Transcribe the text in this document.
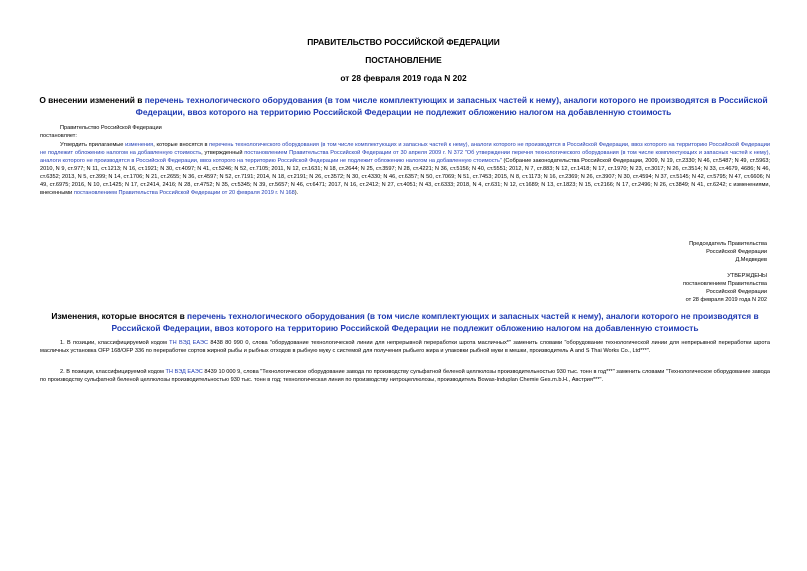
ПРАВИТЕЛЬСТВО РОССИЙСКОЙ ФЕДЕРАЦИИ
ПОСТАНОВЛЕНИЕ
от 28 февраля 2019 года N 202
О внесении изменений в перечень технологического оборудования (в том числе комплектующих и запасных частей к нему), аналоги которого не производятся в Российской Федерации, ввоз которого на территорию Российской Федерации не подлежит обложению налогом на добавленную стоимость
Правительство Российской Федерации
постановляет:
Утвердить прилагаемые изменения, которые вносятся в перечень технологического оборудования (в том числе комплектующих и запасных частей к нему), аналоги которого не производятся в Российской Федерации, ввоз которого на территорию Российской Федерации не подлежит обложению налогом на добавленную стоимость, утвержденный постановлением Правительства Российской Федерации от 30 апреля 2009 г. N 372 "Об утверждении перечня технологического оборудования (в том числе комплектующих и запасных частей к нему), аналоги которого не производятся в Российской Федерации, ввоз которого на территорию Российской Федерации не подлежит обложению налогом на добавленную стоимость" (Собрание законодательства Российской Федерации, 2009, N 19, ст.2330; N 46, ст.5487; N 49, ст.5963; 2010, N 9, ст.977; N 11, ст.1213; N 16, ст.1921; N 30, ст.4097; N 41, ст.5246; N 52, ст.7105; 2011, N 12, ст.1631; N 18, ст.2644; N 25, ст.3597; N 28, ст.4221; N 36, ст.5156; N 40, ст.5551; 2012, N 7, ст.883; N 12, ст.1418; N 17, ст.1970; N 23, ст.3017; N 26, ст.3514; N 33, ст.4679, 4686; N 46, ст.6352; 2013, N 5, ст.399; N 14, ст.1706; N 21, ст.2655; N 36, ст.4597; N 52, ст.7191; 2014, N 18, ст.2191; N 26, ст.3572; N 30, ст.4330; N 46, ст.6357; N 50, ст.7069; N 51, ст.7453; 2015, N 8, ст.1173; N 16, ст.2369; N 26, ст.3907; N 30, ст.4594; N 37, ст.5145; N 42, ст.5795; N 47, ст.6606; N 49, ст.6975; 2016, N 10, ст.1425; N 17, ст.2414, 2416; N 28, ст.4752; N 35, ст.5345; N 39, ст.5657; N 46, ст.6471; 2017, N 16, ст.2412; N 27, ст.4051; N 43, ст.6333; 2018, N 4, ст.631; N 12, ст.1689; N 13, ст.1823; N 15, ст.2166; N 17, ст.2496; N 26, ст.3849; N 41, ст.6242; с изменениями, внесенными постановлением Правительства Российской Федерации от 20 февраля 2019 г. N 168).
Председатель Правительства
Российской Федерации
Д.Медведев
УТВЕРЖДЕНЫ
постановлением Правительства
Российской Федерации
от 28 февраля 2019 года N 202
Изменения, которые вносятся в перечень технологического оборудования (в том числе комплектующих и запасных частей к нему), аналоги которого не производятся в Российской Федерации, ввоз которого на территорию Российской Федерации не подлежит обложению налогом на добавленную стоимость
1. В позиции, классифицируемой кодом ТН ВЭД ЕАЭС 8438 80 990 0, слова "оборудование технологической линии для непрерывной переработки шрота масличных*" заменить словами "оборудование технологической линии для непрерывной переработки шрота масличных установка OFP 168/OFP 336 по переработке сортов жирной рыбы и рыбных отходов в рыбную муку с системой для получения рыбьего жира и упаковки рыбной муки в мешки, производитель A and S Thai Works Co., Ltd***".
2. В позиции, классифицируемой кодом ТН ВЭД ЕАЭС 8439 10 000 9, слова "Технологическое оборудование завода по производству сульфатной беленой целлюлозы производительностью 930 тыс. тонн в год***" заменить словами "Технологическое оборудование завода по производству сульфатной беленой целлюлозы производительностью 930 тыс. тонн в год; технологическая линия по производству нитроцеллюлозы, производитель Bowas-Induplan Chemie Ges.m.b.H., Австрия***".
